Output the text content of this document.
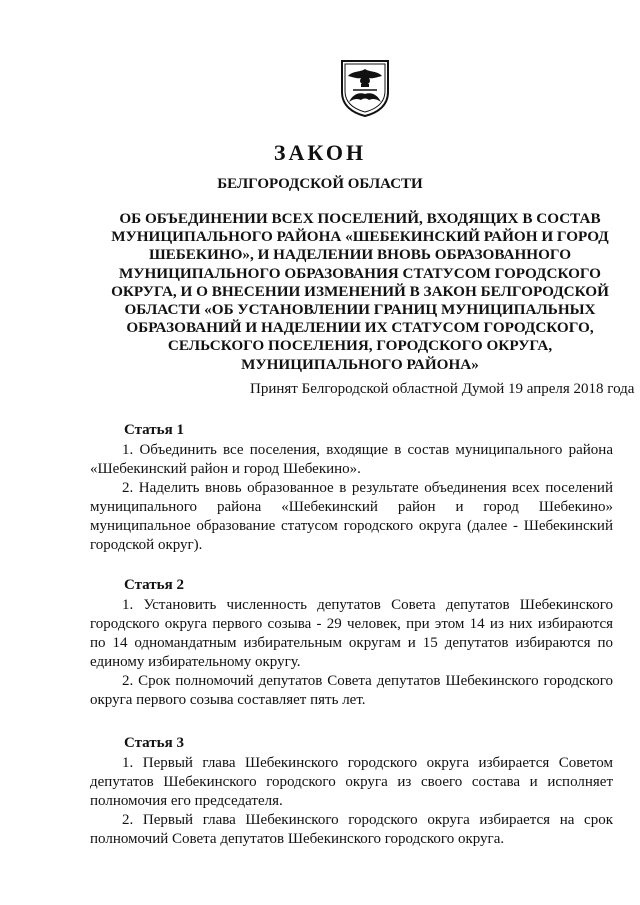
ЗАКОН
БЕЛГОРОДСКОЙ ОБЛАСТИ
ОБ ОБЪЕДИНЕНИИ ВСЕХ ПОСЕЛЕНИЙ, ВХОДЯЩИХ В СОСТАВ
МУНИЦИПАЛЬНОГО РАЙОНА «ШЕБЕКИНСКИЙ РАЙОН И ГОРОД
ШЕБЕКИНО», И НАДЕЛЕНИИ ВНОВЬ ОБРАЗОВАННОГО
МУНИЦИПАЛЬНОГО ОБРАЗОВАНИЯ СТАТУСОМ ГОРОДСКОГО
ОКРУГА, И О ВНЕСЕНИИ ИЗМЕНЕНИЙ В ЗАКОН БЕЛГОРОДСКОЙ
ОБЛАСТИ «ОБ УСТАНОВЛЕНИИ ГРАНИЦ МУНИЦИПАЛЬНЫХ
ОБРАЗОВАНИЙ И НАДЕЛЕНИИ ИХ СТАТУСОМ ГОРОДСКОГО,
СЕЛЬСКОГО ПОСЕЛЕНИЯ, ГОРОДСКОГО ОКРУГА,
МУНИЦИПАЛЬНОГО РАЙОНА»
Принят Белгородской областной Думой 19 апреля 2018 года
Статья 1

1. Объединить все поселения, входящие в состав муниципального района «Шебекинский район и город Шебекино».

2. Наделить вновь образованное в результате объединения всех поселений муниципального района «Шебекинский район и город Шебекино» муниципальное образование статусом городского округа (далее - Шебекинский городской округ).

Статья 2

1. Установить численность депутатов Совета депутатов Шебекинского городского округа первого созыва - 29 человек, при этом 14 из них избираются по 14 одномандатным избирательным округам и 15 депутатов избираются по единому избирательному округу.

2. Срок полномочий депутатов Совета депутатов Шебекинского городского округа первого созыва составляет пять лет.

Статья 3

1. Первый глава Шебекинского городского округа избирается Советом депутатов Шебекинского городского округа из своего состава и исполняет полномочия его председателя.

2. Первый глава Шебекинского городского округа избирается на срок полномочий Совета депутатов Шебекинского городского округа.
